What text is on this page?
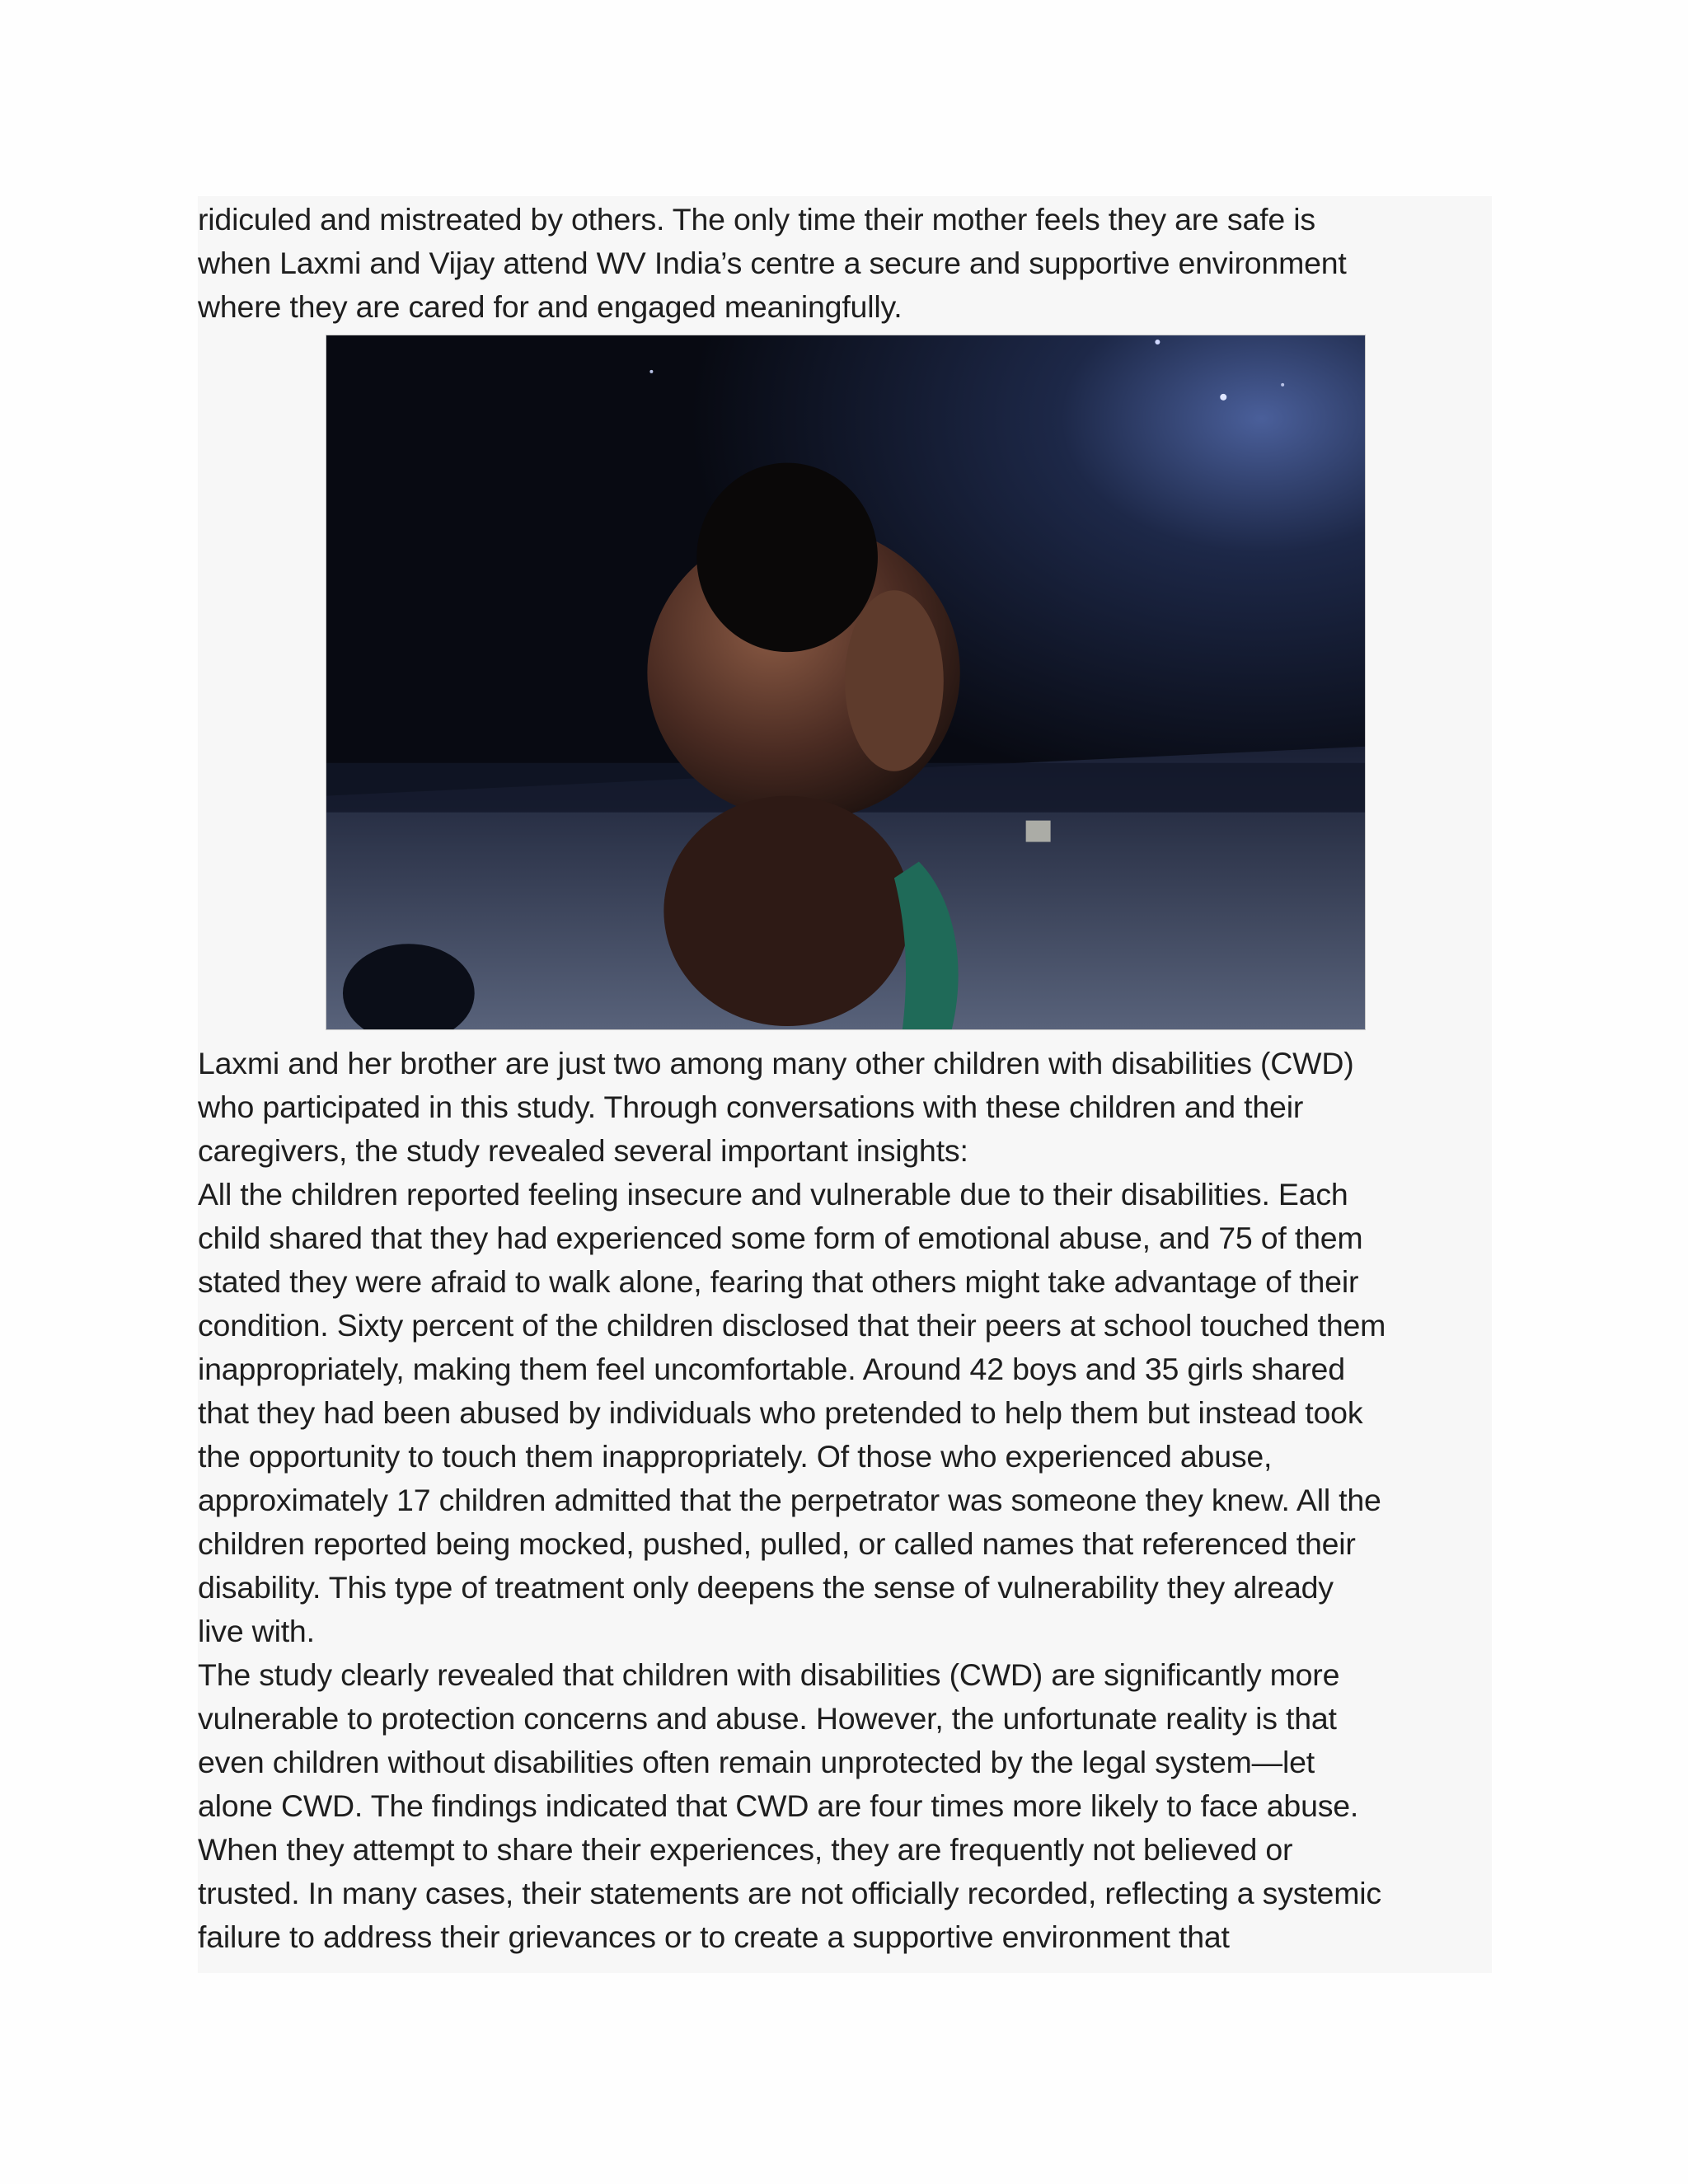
ridiculed and mistreated by others. The only time their mother feels they are safe is
when Laxmi and Vijay attend WV India’s centre a secure and supportive environment
where they are cared for and engaged meaningfully.

Laxmi and her brother are just two among many other children with disabilities (CWD)
who participated in this study. Through conversations with these children and their
caregivers, the study revealed several important insights:

All the children reported feeling insecure and vulnerable due to their disabilities. Each
child shared that they had experienced some form of emotional abuse, and 75 of them
stated they were afraid to walk alone, fearing that others might take advantage of their
condition. Sixty percent of the children disclosed that their peers at school touched them
inappropriately, making them feel uncomfortable. Around 42 boys and 35 girls shared
that they had been abused by individuals who pretended to help them but instead took
the opportunity to touch them inappropriately. Of those who experienced abuse,
approximately 17 children admitted that the perpetrator was someone they knew. All the
children reported being mocked, pushed, pulled, or called names that referenced their
disability. This type of treatment only deepens the sense of vulnerability they already
live with.

The study clearly revealed that children with disabilities (CWD) are significantly more
vulnerable to protection concerns and abuse. However, the unfortunate reality is that
even children without disabilities often remain unprotected by the legal system—let
alone CWD. The findings indicated that CWD are four times more likely to face abuse.
When they attempt to share their experiences, they are frequently not believed or
trusted. In many cases, their statements are not officially recorded, reflecting a systemic
failure to address their grievances or to create a supportive environment that
